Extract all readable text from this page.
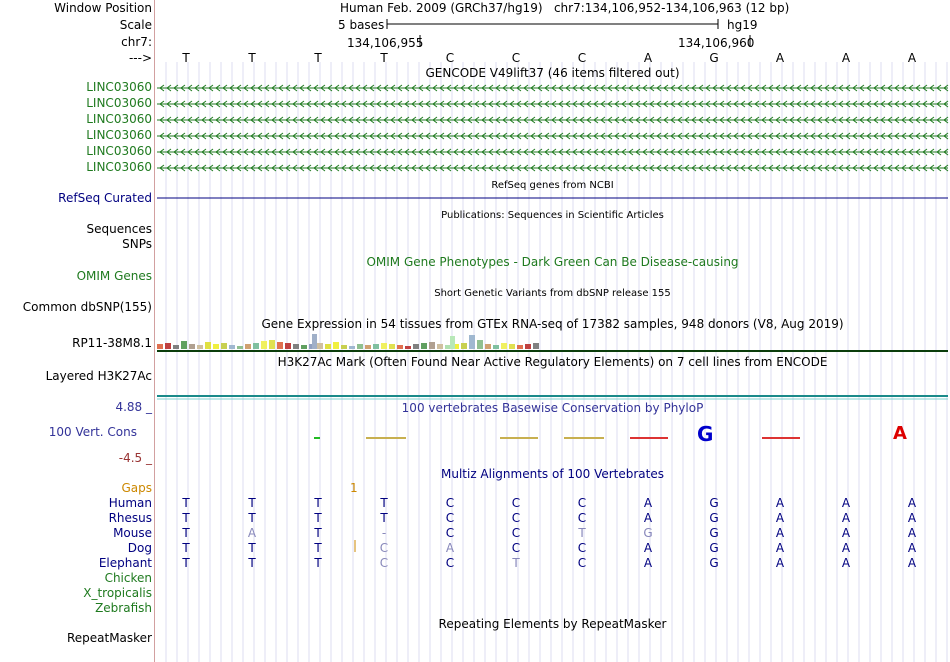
Window Position
Scale
chr7:
--->
Human Feb. 2009 (GRCh37/hg19)   chr7:134,106,952-134,106,963 (12 bp)
5 bases	hg19
134,106,955	134,106,960
T	T	T	T	C	C	C	A	G	A	A	A
GENCODE V49lift37 (46 items filtered out)
LINC03060
LINC03060
LINC03060
LINC03060
LINC03060
LINC03060
RefSeq Curated
RefSeq genes from NCBI
Publications: Sequences in Scientific Articles
Sequences
SNPs
OMIM Gene Phenotypes - Dark Green Can Be Disease-causing
OMIM Genes
Short Genetic Variants from dbSNP release 155
Common dbSNP(155)
Gene Expression in 54 tissues from GTEx RNA-seq of 17382 samples, 948 donors (V8, Aug 2019)
RP11-38M8.1
H3K27Ac Mark (Often Found Near Active Regulatory Elements) on 7 cell lines from ENCODE
Layered H3K27Ac
100 vertebrates Basewise Conservation by PhyloP
4.88 _
100 Vert. Cons
-4.5 _
G	A
Multiz Alignments of 100 Vertebrates
Gaps	1
Human	T	T	T	T	C	C	C	A	G	A	A	A
Rhesus	T	T	T	T	C	C	C	A	G	A	A	A
Mouse	T	A	T	-	C	C	T	G	G	A	A	A
Dog	T	T	T	C	A	C	C	A	G	A	A	A
Elephant	T	T	T	C	C	T	C	A	G	A	A	A
Chicken
X_tropicalis
Zebrafish
Repeating Elements by RepeatMasker
RepeatMasker
